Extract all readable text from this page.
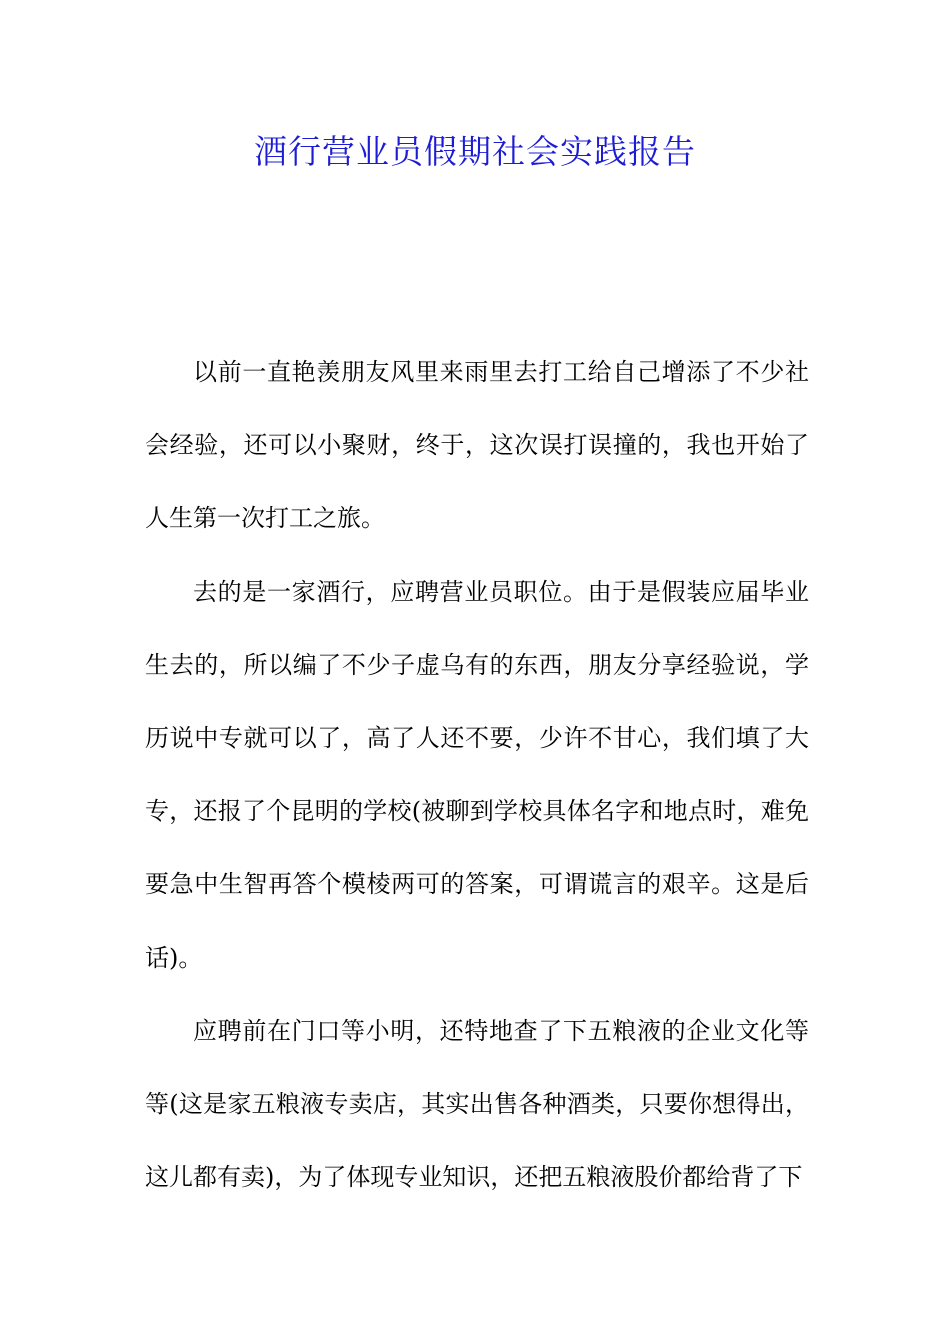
酒行营业员假期社会实践报告

以前一直艳羡朋友风里来雨里去打工给自己增添了不少社会经验，还可以小聚财，终于，这次误打误撞的，我也开始了人生第一次打工之旅。

去的是一家酒行，应聘营业员职位。由于是假装应届毕业生去的，所以编了不少子虚乌有的东西，朋友分享经验说，学历说中专就可以了，高了人还不要，少许不甘心，我们填了大专，还报了个昆明的学校(被聊到学校具体名字和地点时，难免要急中生智再答个模棱两可的答案，可谓谎言的艰辛。这是后话)。

应聘前在门口等小明，还特地查了下五粮液的企业文化等等(这是家五粮液专卖店，其实出售各种酒类，只要你想得出，这儿都有卖)，为了体现专业知识，还把五粮液股价都给背了下
